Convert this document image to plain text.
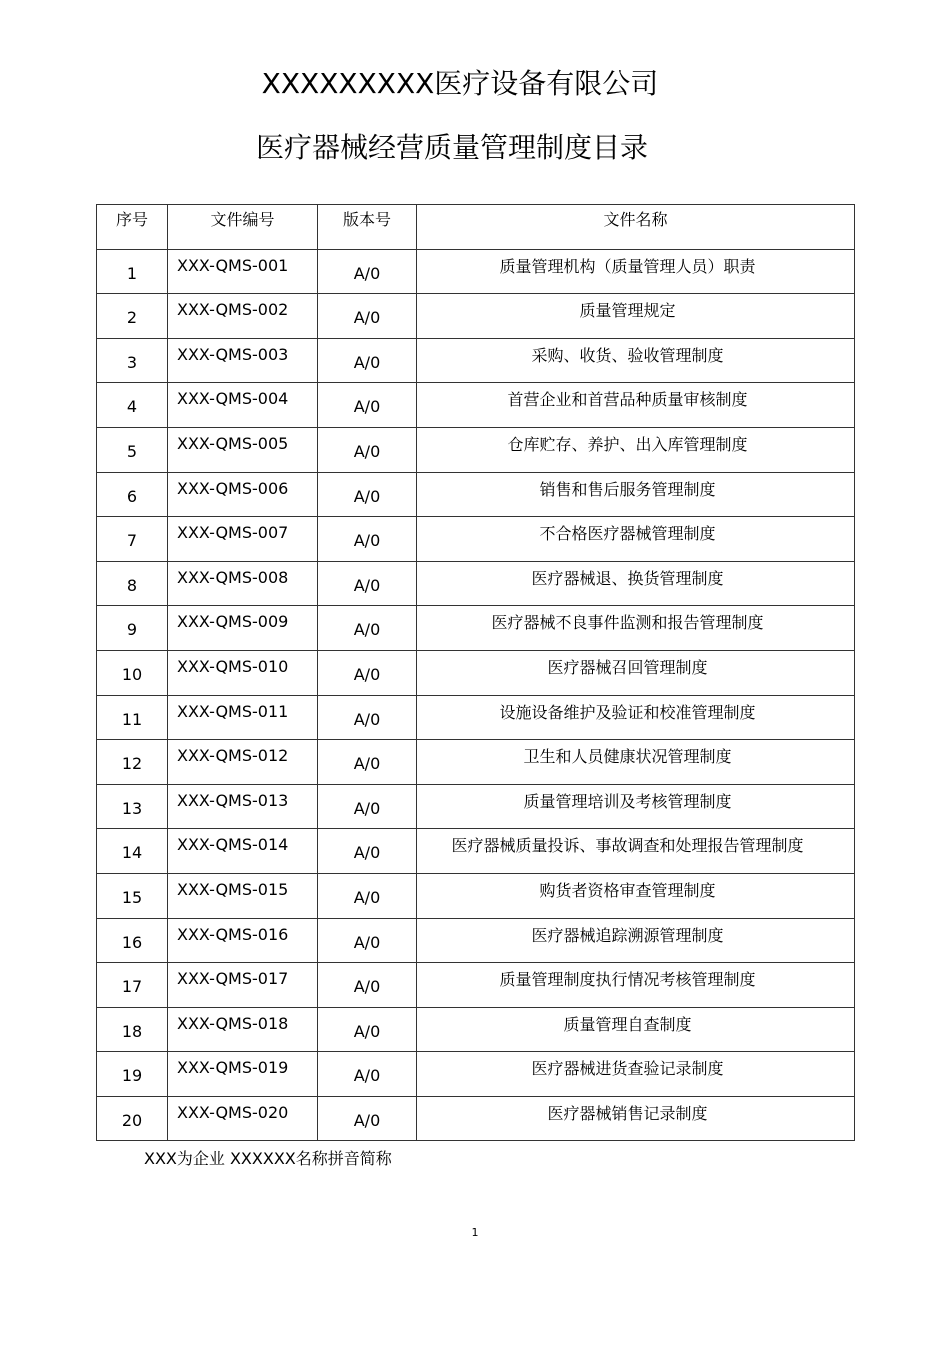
XXXXXXXXX医疗设备有限公司
医疗器械经营质量管理制度目录
序号	文件编号	版本号	文件名称

1	XXX-QMS-001	A/0	质量管理机构（质量管理人员）职责

2	XXX-QMS-002	A/0	质量管理规定

3	XXX-QMS-003	A/0	采购、收货、验收管理制度

4	XXX-QMS-004	A/0	首营企业和首营品种质量审核制度

5	XXX-QMS-005	A/0	仓库贮存、养护、出入库管理制度

6	XXX-QMS-006	A/0	销售和售后服务管理制度

7	XXX-QMS-007	A/0	不合格医疗器械管理制度

8	XXX-QMS-008	A/0	医疗器械退、换货管理制度

9	XXX-QMS-009	A/0	医疗器械不良事件监测和报告管理制度

10	XXX-QMS-010	A/0	医疗器械召回管理制度

11	XXX-QMS-011	A/0	设施设备维护及验证和校准管理制度

12	XXX-QMS-012	A/0	卫生和人员健康状况管理制度

13	XXX-QMS-013	A/0	质量管理培训及考核管理制度

14	XXX-QMS-014	A/0	医疗器械质量投诉、事故调查和处理报告管理制度

15	XXX-QMS-015	A/0	购货者资格审查管理制度

16	XXX-QMS-016	A/0	医疗器械追踪溯源管理制度

17	XXX-QMS-017	A/0	质量管理制度执行情况考核管理制度

18	XXX-QMS-018	A/0	质量管理自查制度

19	XXX-QMS-019	A/0	医疗器械进货查验记录制度

20	XXX-QMS-020	A/0	医疗器械销售记录制度
XXX为企业 XXXXXX名称拼音简称
1
